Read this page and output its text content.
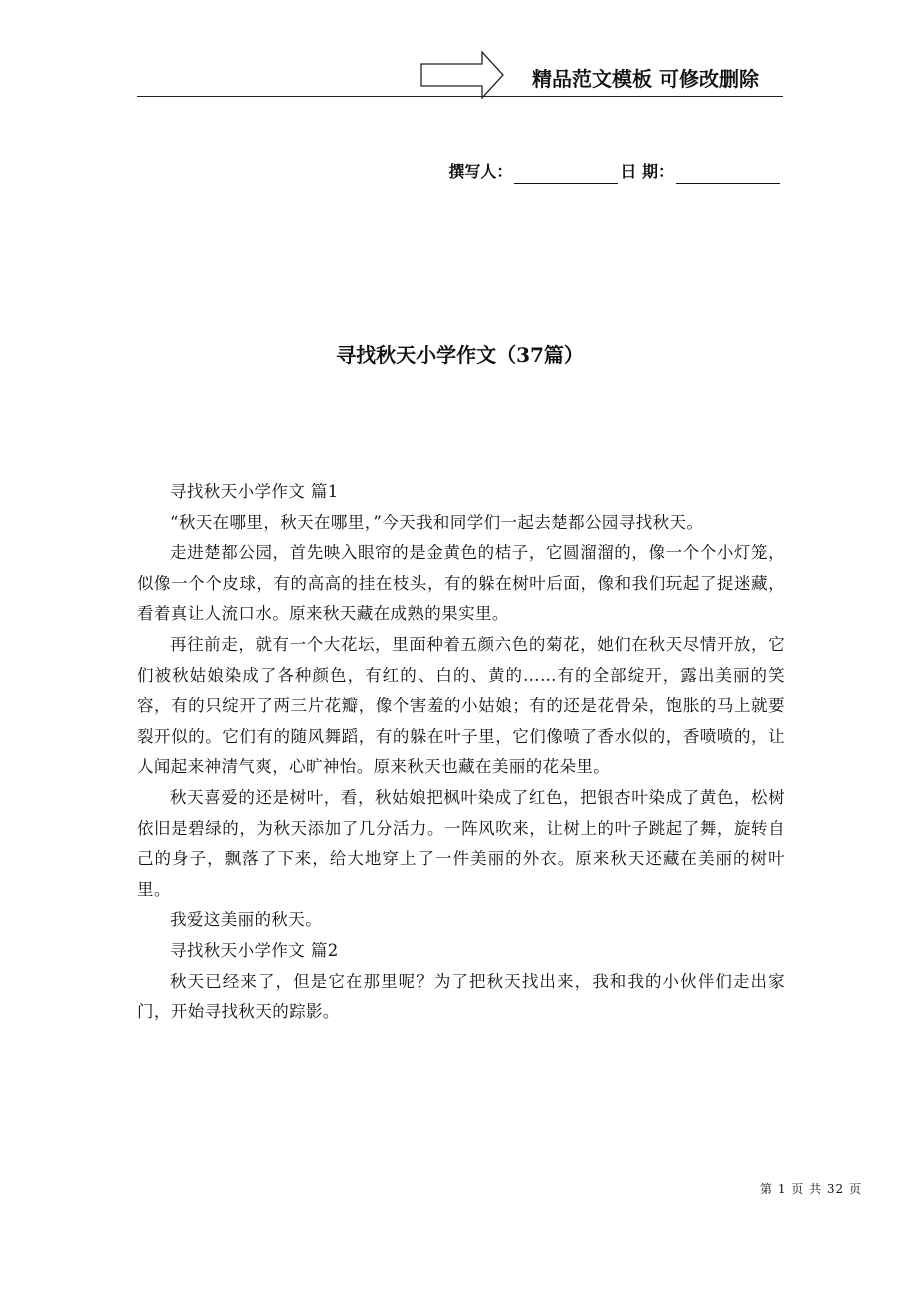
精品范文模板 可修改删除
撰写人：	日 期：
寻找秋天小学作文（37篇）

寻找秋天小学作文 篇1

“秋天在哪里，秋天在哪里，”今天我和同学们一起去楚都公园寻找秋天。

走进楚都公园，首先映入眼帘的是金黄色的桔子，它圆溜溜的，像一个个小灯笼，似像一个个皮球，有的高高的挂在枝头，有的躲在树叶后面，像和我们玩起了捉迷藏，看着真让人流口水。原来秋天藏在成熟的果实里。

再往前走，就有一个大花坛，里面种着五颜六色的菊花，她们在秋天尽情开放，它们被秋姑娘染成了各种颜色，有红的、白的、黄的……有的全部绽开，露出美丽的笑容，有的只绽开了两三片花瓣，像个害羞的小姑娘；有的还是花骨朵，饱胀的马上就要裂开似的。它们有的随风舞蹈，有的躲在叶子里，它们像喷了香水似的，香喷喷的，让人闻起来神清气爽，心旷神怡。原来秋天也藏在美丽的花朵里。

秋天喜爱的还是树叶，看，秋姑娘把枫叶染成了红色，把银杏叶染成了黄色，松树依旧是碧绿的，为秋天添加了几分活力。一阵风吹来，让树上的叶子跳起了舞，旋转自己的身子，飘落了下来，给大地穿上了一件美丽的外衣。原来秋天还藏在美丽的树叶里。

我爱这美丽的秋天。

寻找秋天小学作文 篇2

秋天已经来了，但是它在那里呢？为了把秋天找出来，我和我的小伙伴们走出家门，开始寻找秋天的踪影。

第 1 页 共 32 页
